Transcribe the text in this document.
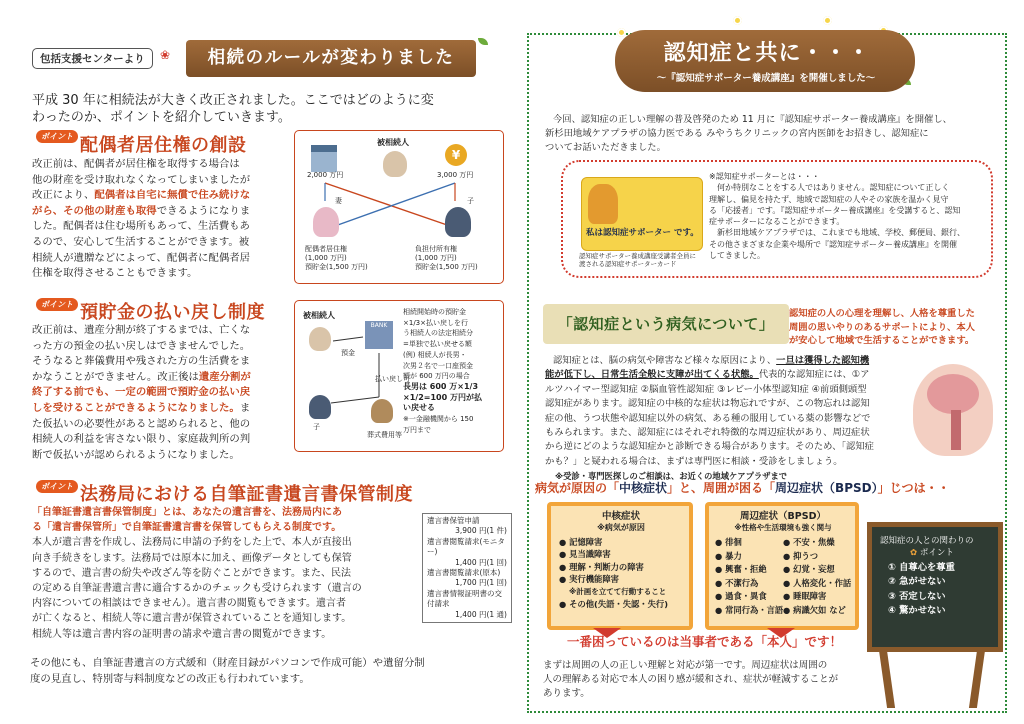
包括支援センターより	❀	相続のルールが変わりました
平成 30 年に相続法が大きく改正されました。ここではどのように変
わったのか、ポイントを紹介していきます。
ポイント 配偶者居住権の創設
改正前は、配偶者が居住権を取得する場合は
他の財産を受け取れなくなってしまいましたが
改正により、配偶者は自宅に無償で住み続けな
がら、その他の財産も取得できるようになりま
した。配偶者は住む場所もあって、生活費もあ
るので、安心して生活することができます。被
相続人が遺贈などによって、配偶者に配偶者居
住権を取得させることもできます。
被相続人
¥
2,000 万円	3,000 万円
妻	子
配偶者居住権
(1,000 万円)
預貯金(1,500 万円)
負担付所有権
(1,000 万円)
預貯金(1,500 万円)
ポイント 預貯金の払い戻し制度
改正前は、遺産分割が終了するまでは、亡くな
った方の預金の払い戻しはできませんでした。
そうなると葬儀費用や残された方の生活費をま
かなうことができません。改正後は遺産分割が
終了する前でも、一定の範囲で預貯金の払い戻
しを受けることができるようになりました。ま
た仮払いの必要性があると認められると、他の
相続人の利益を害さない限り、家庭裁判所の判
断で仮払いが認められるようになりました。
被相続人
BANK
預金
払い戻し可
子
葬式費用等
相続開始時の預貯金
×1/3×払い戻しを行
う相続人の法定相続分
=単独で払い戻せる額
(例) 相続人が長男・
次男２名で一口座預金
額が 600 万円の場合
長男は 600 万×1/3
×1/2=100 万円が払
い戻せる
※一金融機関から 150
万円まで
ポイント 法務局における自筆証書遺言書保管制度
「自筆証書遺言書保管制度」とは、あなたの遺言書を、法務局内にあ
る「遺言書保管所」で自筆証書遺言書を保管してもらえる制度です。
本人が遺言書を作成し、法務局に申請の予約をした上で、本人が直接出
向き手続きをします。法務局では原本に加え、画像データとしても保管
するので、遺言書の紛失や改ざん等を防ぐことができます。また、民法
の定める自筆証書遺言書に適合するかのチェックも受けられます（遺言の
内容についての相談はできません）。遺言書の閲覧もできます。遺言者
が亡くなると、相続人等に遺言書が保管されていることを通知します。
相続人等は遺言書内容の証明書の請求や遺言書の閲覧ができます。
遺言書保管申請
3,900 円(1 件)
遺言書閲覧請求(モニター)
1,400 円(1 回)
遺言書閲覧請求(原本)
1,700 円(1 回)
遺言書情報証明書の交付請求
1,400 円(1 通)
その他にも、自筆証書遺言の方式緩和（財産目録がパソコンで作成可能）や遺留分制
度の見直し、特別寄与料制度などの改正も行われています。
認知症と共に・・・
～『認知症サポーター養成講座』を開催しました～
今回、認知症の正しい理解の普及啓発のため 11 月に『認知症サポーター養成講座』を開催し、
新杉田地域ケアプラザの協力医である みやうちクリニックの宮内医師をお招きし、認知症に
ついてお話いただきました。
私は認知症サポーター です。
認知症サポーター養成講座受講者全員に
渡される認知症サポーターカード
※認知症サポーターとは・・・
何か特別なことをする人ではありません。認知症について正しく
理解し、偏見を持たず、地域で認知症の人やその家族を温かく見守
る「応援者」です。『認知症サポーター養成講座』を受講すると、認知
症サポーターになることができます。
新杉田地域ケアプラザでは、これまでも地域、学校、郵便局、銀行、
その他さまざまな企業や場所で『認知症サポーター養成講座』を開催
してきました。
「認知症という病気について」
認知症の人の心理を理解し、人格を尊重した
周囲の思いやりのあるサポートにより、本人
が安心して地域で生活することができます。
認知症とは、脳の病気や障害など様々な原因により、一旦は獲得した認知機
能が低下し、日常生活全般に支障が出てくる状態。代表的な認知症には、①ア
ルツハイマー型認知症 ②脳血管性認知症 ③レビー小体型認知症 ④前頭側頭型
認知症があります。認知症の中核的な症状は物忘れですが、この物忘れは認知
症の他、うつ状態や認知症以外の病気、ある種の服用している薬の影響などで
もみられます。また、認知症にはそれぞれ特徴的な周辺症状があり、周辺症状
から逆にどのような認知症かと診断できる場合があります。そのため、「認知症
かも？」と疑われる場合は、まずは専門医に相談・受診をしましょう。
※受診・専門医探しのご相談は、お近くの地域ケアプラザまで
病気が原因の「中核症状」と、周囲が困る「周辺症状（BPSD）」じつは・・
中核症状
※病気が原因
● 記憶障害
● 見当識障害
● 理解・判断力の障害
● 実行機能障害
※計画を立てて行動すること
● その他(失語・失認・失行)
周辺症状（BPSD）
※性格や生活環境も強く関与
● 徘徊
● 暴力
● 興奮・拒絶
● 不潔行為
● 過食・異食
● 常同行為・言語
● 不安・焦燥
● 抑うつ
● 幻覚・妄想
● 人格変化・作話
● 睡眠障害
● 病識欠如 など
認知症の人との関わりの
✿ ポイント
① 自尊心を尊重
② 急がせない
③ 否定しない
④ 驚かせない
一番困っているのは当事者である「本人」です！
まずは周囲の人の正しい理解と対応が第一です。周辺症状は周囲の
人の理解ある対応で本人の困り感が緩和され、症状が軽減することが
あります。
